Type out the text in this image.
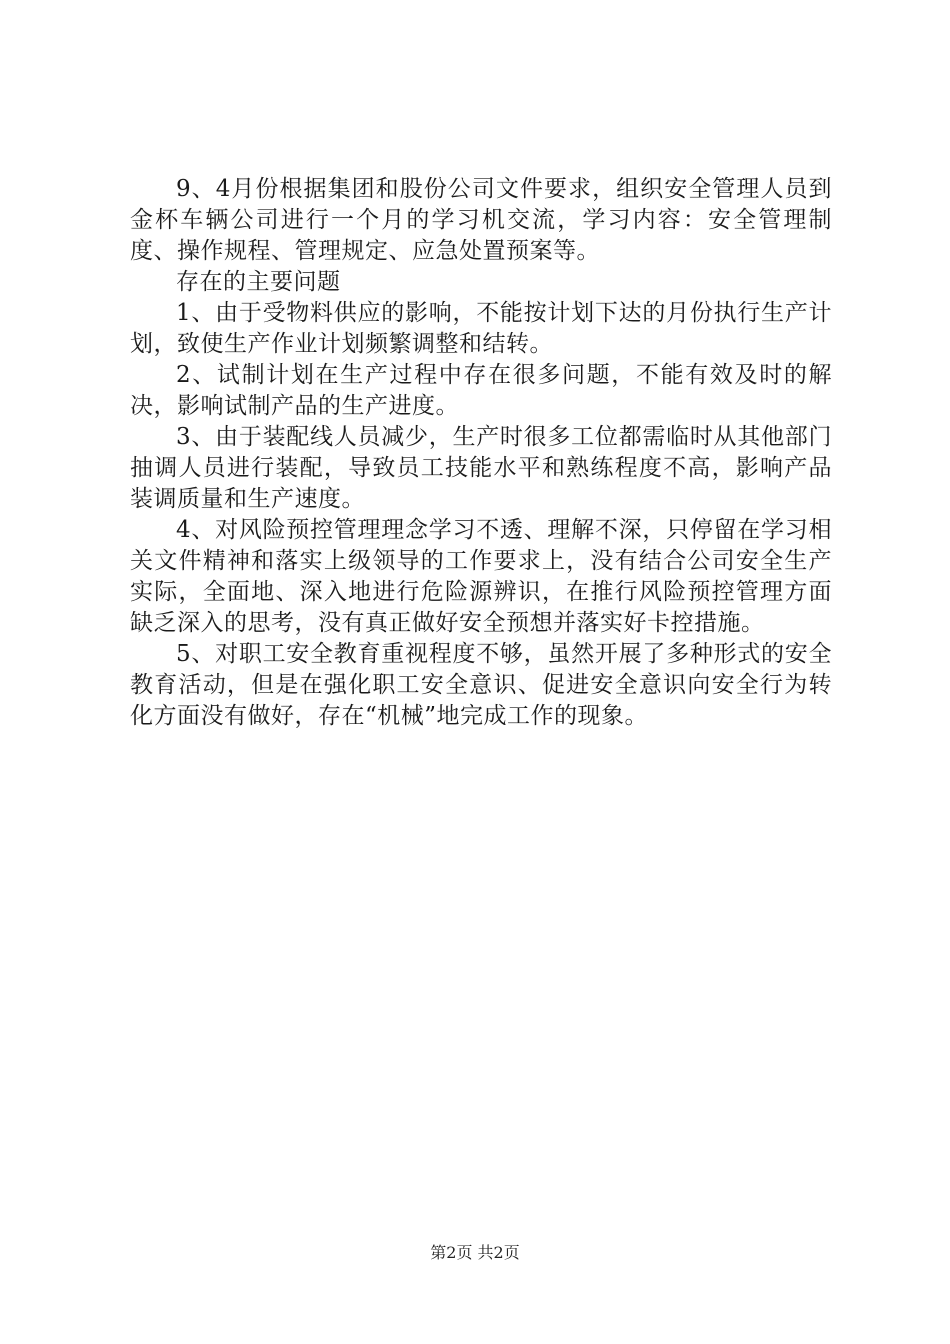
9、4月份根据集团和股份公司文件要求，组织安全管理人员到金杯车辆公司进行一个月的学习机交流，学习内容：安全管理制度、操作规程、管理规定、应急处置预案等。

存在的主要问题

1、由于受物料供应的影响，不能按计划下达的月份执行生产计划，致使生产作业计划频繁调整和结转。

2、试制计划在生产过程中存在很多问题，不能有效及时的解决，影响试制产品的生产进度。

3、由于装配线人员减少，生产时很多工位都需临时从其他部门抽调人员进行装配，导致员工技能水平和熟练程度不高，影响产品装调质量和生产速度。

4、对风险预控管理理念学习不透、理解不深，只停留在学习相关文件精神和落实上级领导的工作要求上，没有结合公司安全生产实际，全面地、深入地进行危险源辨识，在推行风险预控管理方面缺乏深入的思考，没有真正做好安全预想并落实好卡控措施。

5、对职工安全教育重视程度不够，虽然开展了多种形式的安全教育活动，但是在强化职工安全意识、促进安全意识向安全行为转化方面没有做好，存在“机械”地完成工作的现象。

第2页 共2页
